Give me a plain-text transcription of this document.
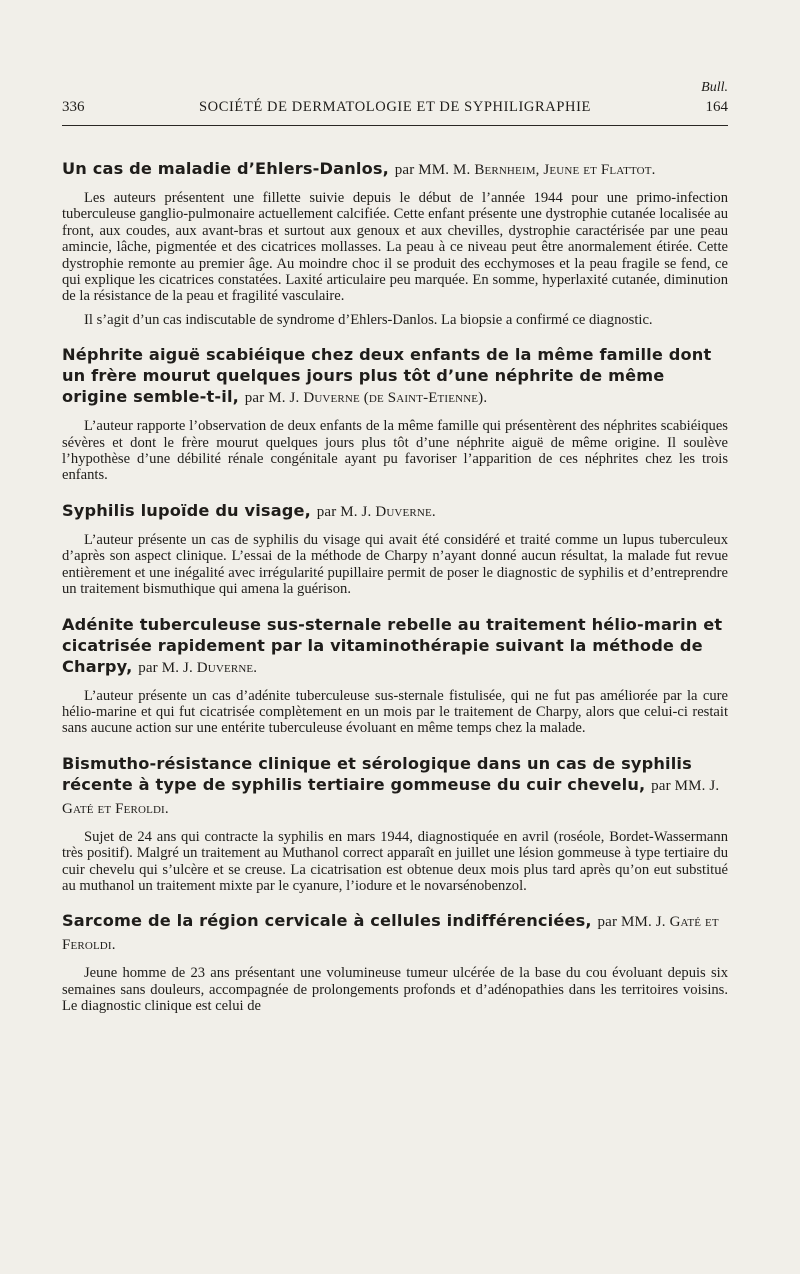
Bull.
336	SOCIÉTÉ DE DERMATOLOGIE ET DE SYPHILIGRAPHIE	164
Un cas de maladie d’Ehlers-Danlos, par MM. M. Bernheim, Jeune et Flattot.

Les auteurs présentent une fillette suivie depuis le début de l’année 1944 pour une primo-infection tuberculeuse ganglio-pulmonaire actuellement calcifiée. Cette enfant présente une dystrophie cutanée localisée au front, aux coudes, aux avant-bras et surtout aux genoux et aux chevilles, dystrophie caractérisée par une peau amincie, lâche, pigmentée et des cicatrices mollasses. La peau à ce niveau peut être anormalement étirée. Cette dystrophie remonte au premier âge. Au moindre choc il se produit des ecchymoses et la peau fragile se fend, ce qui explique les cicatrices constatées. Laxité articulaire peu marquée. En somme, hyperlaxité cutanée, diminution de la résistance de la peau et fragilité vasculaire.

Il s’agit d’un cas indiscutable de syndrome d’Ehlers-Danlos. La biopsie a confirmé ce diagnostic.

Néphrite aiguë scabiéique chez deux enfants de la même famille dont un frère mourut quelques jours plus tôt d’une néphrite de même origine semble-t-il, par M. J. Duverne (de Saint-Etienne).

L’auteur rapporte l’observation de deux enfants de la même famille qui présentèrent des néphrites scabiéiques sévères et dont le frère mourut quelques jours plus tôt d’une néphrite aiguë de même origine. Il soulève l’hypothèse d’une débilité rénale congénitale ayant pu favoriser l’apparition de ces néphrites chez les trois enfants.

Syphilis lupoïde du visage, par M. J. Duverne.

L’auteur présente un cas de syphilis du visage qui avait été considéré et traité comme un lupus tuberculeux d’après son aspect clinique. L’essai de la méthode de Charpy n’ayant donné aucun résultat, la malade fut revue entièrement et une inégalité avec irrégularité pupillaire permit de poser le diagnostic de syphilis et d’entreprendre un traitement bismuthique qui amena la guérison.

Adénite tuberculeuse sus-sternale rebelle au traitement hélio-marin et cicatrisée rapidement par la vitaminothérapie suivant la méthode de Charpy, par M. J. Duverne.

L’auteur présente un cas d’adénite tuberculeuse sus-sternale fistulisée, qui ne fut pas améliorée par la cure hélio-marine et qui fut cicatrisée complètement en un mois par le traitement de Charpy, alors que celui-ci restait sans aucune action sur une entérite tuberculeuse évoluant en même temps chez la malade.

Bismutho-résistance clinique et sérologique dans un cas de syphilis récente à type de syphilis tertiaire gommeuse du cuir chevelu, par MM. J. Gaté et Feroldi.

Sujet de 24 ans qui contracte la syphilis en mars 1944, diagnostiquée en avril (roséole, Bordet-Wassermann très positif). Malgré un traitement au Muthanol correct apparaît en juillet une lésion gommeuse à type tertiaire du cuir chevelu qui s’ulcère et se creuse. La cicatrisation est obtenue deux mois plus tard après qu’on eut substitué au muthanol un traitement mixte par le cyanure, l’iodure et le novarsénobenzol.

Sarcome de la région cervicale à cellules indifférenciées, par MM. J. Gaté et Feroldi.

Jeune homme de 23 ans présentant une volumineuse tumeur ulcérée de la base du cou évoluant depuis six semaines sans douleurs, accompagnée de prolongements profonds et d’adénopathies dans les territoires voisins. Le diagnostic clinique est celui de
